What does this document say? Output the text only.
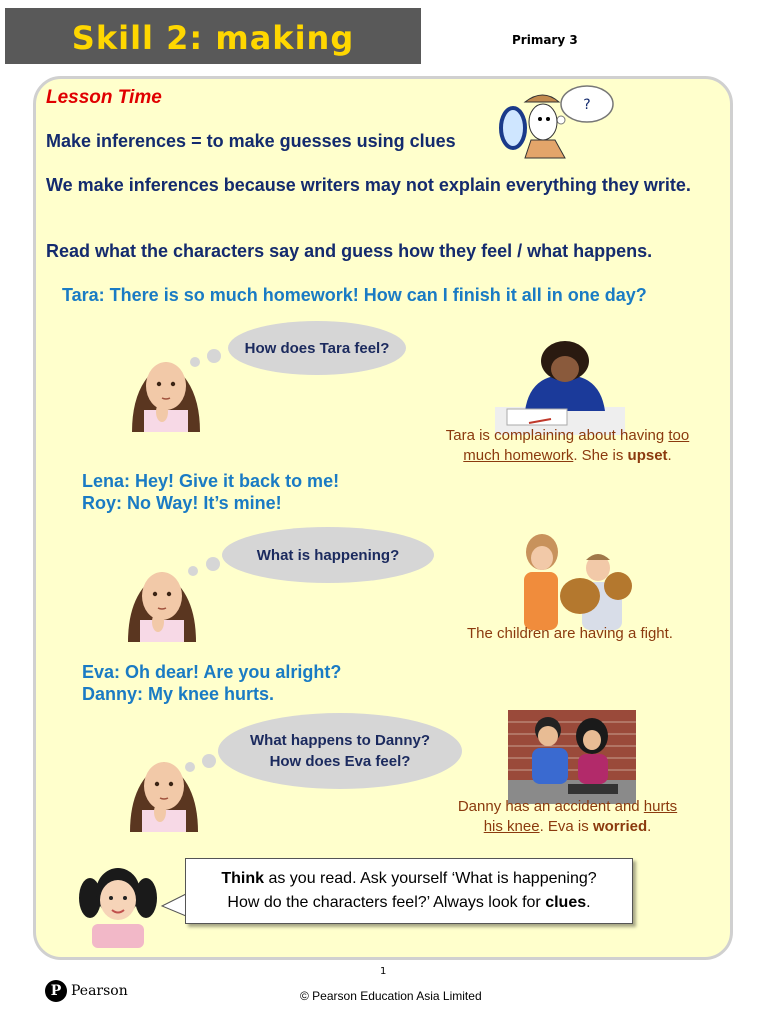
Skill 2: making	Primary 3
Lesson Time
Make inferences = to make guesses using clues
We make inferences because writers may not explain everything they write.
Read what the characters say and guess how they feel / what happens.
?
Tara: There is so much homework! How can I finish it all in one day?
How does Tara feel?
Tara is complaining about having too much homework. She is upset.
Lena: Hey! Give it back to me!
Roy: No Way! It’s mine!
What is happening?
The children are having a fight.
Eva: Oh dear! Are you alright?
Danny: My knee hurts.
What happens to Danny?
How does Eva feel?
Danny has an accident and hurts
his knee. Eva is worried.
Think as you read. Ask yourself ‘What is happening?
How do the characters feel?’ Always look for clues.
1
P Pearson	© Pearson Education Asia Limited
